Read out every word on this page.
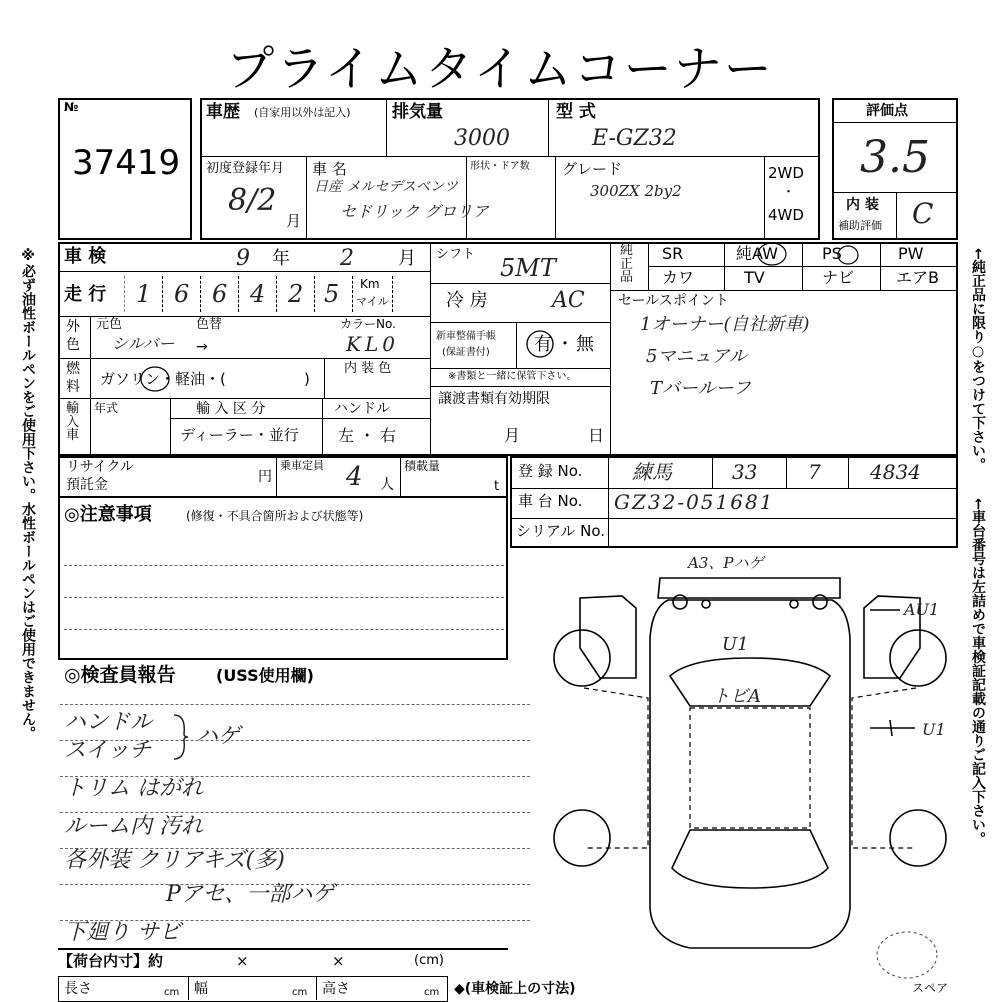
プライムタイムコーナー
※必ず油性ボールペンをご使用下さい。水性ボールペンはご使用できません。	←純正品に限り○をつけて下さい。
←車台番号は左詰めで車検証記載の通りご記入下さい。
№
37419
車歴 (自家用以外は記入) 排気量
3000
型 式
E-GZ32
初度登録年月
8/2
月
車 名
日産 メルセデスベンツ
セドリック グロリア
形状・ドア数 グレード
300ZX 2by2
2WD
・
4WD
評価点
3.5
内 装
補助評価 C
車 検	9 年 2 月 シフト 5MT
純正品
SR	純AW	PS	PW
カワ	TV	ナビ	エアB
走 行 1 6 6 4 2 5 Km
マイル	冷 房	AC セールスポイント
1オーナー(自社新車)
5マニュアル
Tバールーフ
外
色
元色
シルバー
色替
→
カラーNo.
KL0	新車整備手帳
(保証書付) 有 ・ 無
※書類と一緒に保管下さい。
燃
料 ガソリン・軽油・(	)
内 装 色
譲渡書類有効期限
月	日
輸入車
年式	輸 入 区 分
ディーラー・並行
ハンドル
左 ・ 右
リサイクル
預託金	円
乗車定員 4 人
積載量
t
登 録 No. 練馬	33	7 4834
車 台 No. GZ32-051681
シリアル No.
◎注意事項	(修復・不具合箇所および状態等)
◎検査員報告	(USS使用欄)
ハンドル
スイッチ
ハゲ
トリム はがれ
ルーム内 汚れ
各外装 クリアキズ(多)
Pアセ、一部ハゲ
下廻り サビ
A3、Pハゲ
U1
トビA
AU1
U1
スペア
【荷台内寸】約	×	×	(cm)
長さ	cm 幅	cm 高さ	cm ◆(車検証上の寸法)
